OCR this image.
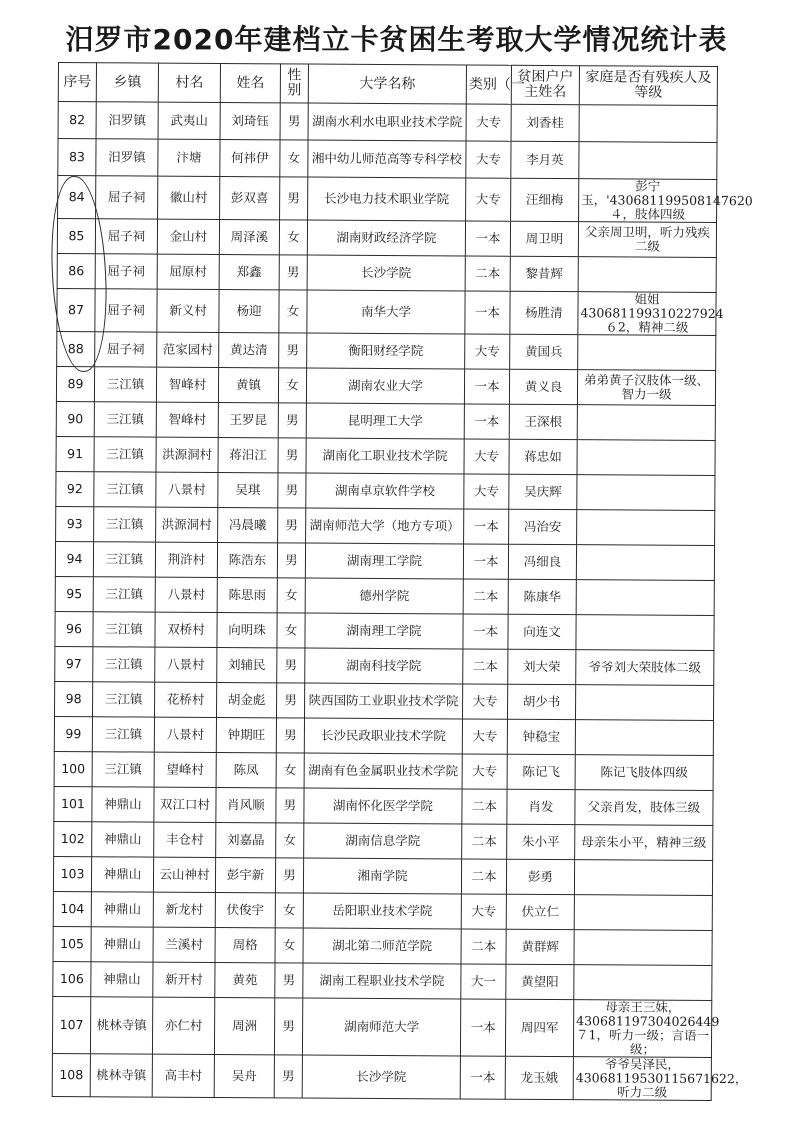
汨罗市2020年建档立卡贫困生考取大学情况统计表
序号	乡镇	村名	姓名	性别	大学名称	类别（一	贫困户户主姓名	家庭是否有残疾人及等级
82	汨罗镇	武夷山	刘琦钰	男	湖南水利水电职业技术学院	大专	刘香桂	
83	汨罗镇	汴塘	何祎伊	女	湘中幼儿师范高等专科学校	大专	李月英	
84	屈子祠	徽山村	彭双喜	男	长沙电力技术职业学院	大专	汪细梅	彭宁玉，'430681199508147620４，肢体四级
85	屈子祠	金山村	周泽溪	女	湖南财政经济学院	一本	周卫明	父亲周卫明，听力残疾二级
86	屈子祠	屈原村	郑鑫	男	长沙学院	二本	黎昔辉	
87	屈子祠	新义村	杨迎	女	南华大学	一本	杨胜清	姐姐 430681199310227924６2，精神二级
88	屈子祠	范家园村	黄达清	男	衡阳财经学院	大专	黄国兵	
89	三江镇	智峰村	黄镇	女	湖南农业大学	一本	黄义良	弟弟黄子汉肢体一级、智力一级
90	三江镇	智峰村	王罗昆	男	昆明理工大学	一本	王深根	
91	三江镇	洪源洞村	蒋汨江	男	湖南化工职业技术学院	大专	蒋忠如	
92	三江镇	八景村	吴琪	男	湖南卓京软件学校	大专	吴庆辉	
93	三江镇	洪源洞村	冯晨曦	男	湖南师范大学（地方专项）	一本	冯治安	
94	三江镇	荆浒村	陈浩东	男	湖南理工学院	一本	冯细良	
95	三江镇	八景村	陈思雨	女	德州学院	二本	陈康华	
96	三江镇	双桥村	向明珠	女	湖南理工学院	一本	向连文	
97	三江镇	八景村	刘辅民	男	湖南科技学院	二本	刘大荣	爷爷刘大荣肢体二级
98	三江镇	花桥村	胡金彪	男	陕西国防工业职业技术学院	大专	胡少书	
99	三江镇	八景村	钟期旺	男	长沙民政职业技术学院	大专	钟稳宝	
100	三江镇	望峰村	陈凤	女	湖南有色金属职业技术学院	大专	陈记飞	陈记飞肢体四级
101	神鼎山	双江口村	肖风顺	男	湖南怀化医学学院	二本	肖发	父亲肖发，肢体三级
102	神鼎山	丰仓村	刘嘉晶	女	湖南信息学院	二本	朱小平	母亲朱小平，精神三级
103	神鼎山	云山神村	彭宇新	男	湘南学院	二本	彭勇	
104	神鼎山	新龙村	伏俊宇	女	岳阳职业技术学院	大专	伏立仁	
105	神鼎山	兰溪村	周格	女	湖北第二师范学院	二本	黄群辉	
106	神鼎山	新开村	黄苑	男	湖南工程职业技术学院	大一	黄望阳	
107	桃林寺镇	亦仁村	周洲	男	湖南师范大学	一本	周四军	母亲王三妹，430681197304026449７1，听力一级；言语一级；
108	桃林寺镇	高丰村	吴舟	男	长沙学院	一本	龙玉娥	爷爷吴泽民，43068119530115671622，听力二级
